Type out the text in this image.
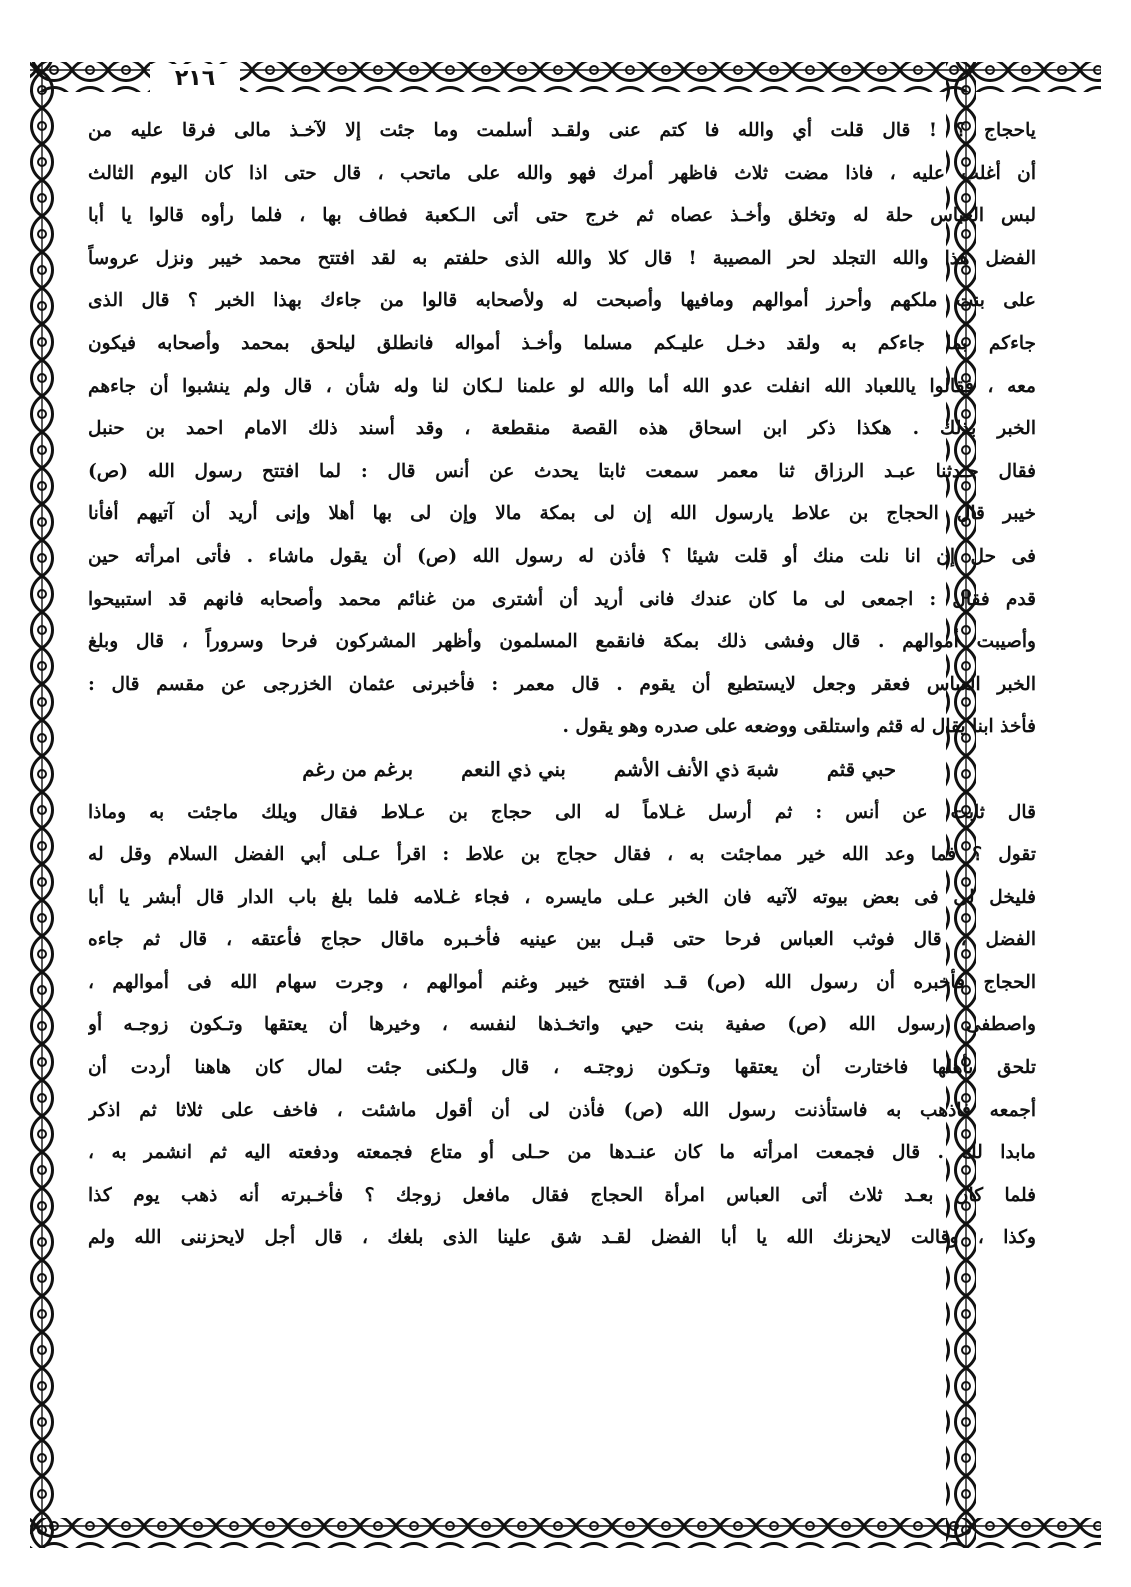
٢١٦
ياحجاج ؟ ! قال قلت أي والله فا كتم عنى ولقـد أسلمت وما جئت إلا لآخـذ مالى فرقا عليه من
أن أغلب عليه ، فاذا مضت ثلاث فاظهر أمرك فهو والله على ماتحب ، قال حتى اذا كان اليوم الثالث
لبس العباس حلة له وتخلق وأخـذ عصاه ثم خرج حتى أتى الـكعبة فطاف بها ، فلما رأوه قالوا يا أبا
الفضل هذا والله التجلد لحر المصيبة ! قال كلا والله الذى حلفتم به لقد افتتح محمد خيبر ونزل عروساً
على بنت ملكهم وأحرز أموالهم ومافيها وأصبحت له ولأصحابه قالوا من جاءك بهذا الخبر ؟ قال الذى
جاءكم بما جاءكم به ولقد دخـل عليـكم مسلما وأخـذ أمواله فانطلق ليلحق بمحمد وأصحابه فيكون
معه ، فقالوا ياللعباد الله انفلت عدو الله أما والله لو علمنا لـكان لنا وله شأن ، قال ولم ينشبوا أن جاءهم
الخبر بذلك . هكذا ذكر ابن اسحاق هذه القصة منقطعة ، وقد أسند ذلك الامام احمد بن حنبل
فقال حـدثنا عبـد الرزاق ثنا معمر سمعت ثابتا يحدث عن أنس قال : لما افتتح رسول الله (ص)
خيبر قال الحجاج بن علاط يارسول الله إن لى بمكة مالا وإن لى بها أهلا وإنى أريد أن آتيهم أفأنا
فى حل إن انا نلت منك أو قلت شيئا ؟ فأذن له رسول الله (ص) أن يقول ماشاء . فأتى امرأته حين
قدم فقال : اجمعى لى ما كان عندك فانى أريد أن أشترى من غنائم محمد وأصحابه فانهم قد استبيحوا
وأصيبت أموالهم . قال وفشى ذلك بمكة فانقمع المسلمون وأظهر المشركون فرحا وسروراً ، قال وبلغ
الخبر العباس فعقر وجعل لايستطيع أن يقوم . قال معمر : فأخبرنى عثمان الخزرجى عن مقسم قال :
فأخذ ابنا يقال له قثم واستلقى ووضعه على صدره وهو يقول .
حبي قثم
شبهَ ذي الأنف الأشم
بني ذي النعم
برغم من رغم
قال ثابت عن أنس : ثم أرسل غـلاماً له الى حجاج بن عـلاط فقال ويلك ماجئت به وماذا
تقول ؟ فما وعد الله خير مماجئت به ، فقال حجاج بن علاط : اقرأ عـلى أبي الفضل السلام وقل له
فليخل لى فى بعض بيوته لآتيه فان الخبر عـلى مايسره ، فجاء غـلامه فلما بلغ باب الدار قال أبشر يا أبا
الفضل ، قال فوثب العباس فرحا حتى قبـل بين عينيه فأخـبره ماقال حجاج فأعتقه ، قال ثم جاءه
الحجاج فأخبره أن رسول الله (ص) قـد افتتح خيبر وغنم أموالهم ، وجرت سهام الله فى أموالهم ،
واصطفى رسول الله (ص) صفية بنت حيي واتخـذها لنفسه ، وخيرها أن يعتقها وتـكون زوجـه أو
تلحق بأهلها فاختارت أن يعتقها وتـكون زوجتـه ، قال ولـكنى جئت لمال كان هاهنا أردت أن
أجمعه فاذهب به فاستأذنت رسول الله (ص) فأذن لى أن أقول ماشئت ، فاخف على ثلاثا ثم اذكر
مابدا لك . قال فجمعت امرأته ما كان عنـدها من حـلى أو متاع فجمعته ودفعته اليه ثم انشمر به ،
فلما كان بعـد ثلاث أتى العباس امرأة الحجاج فقال مافعل زوجك ؟ فأخـبرته أنه ذهب يوم كذا
وكذا ، وقالت لايحزنك الله يا أبا الفضل لقـد شق علينا الذى بلغك ، قال أجل لايحزننى الله ولم
